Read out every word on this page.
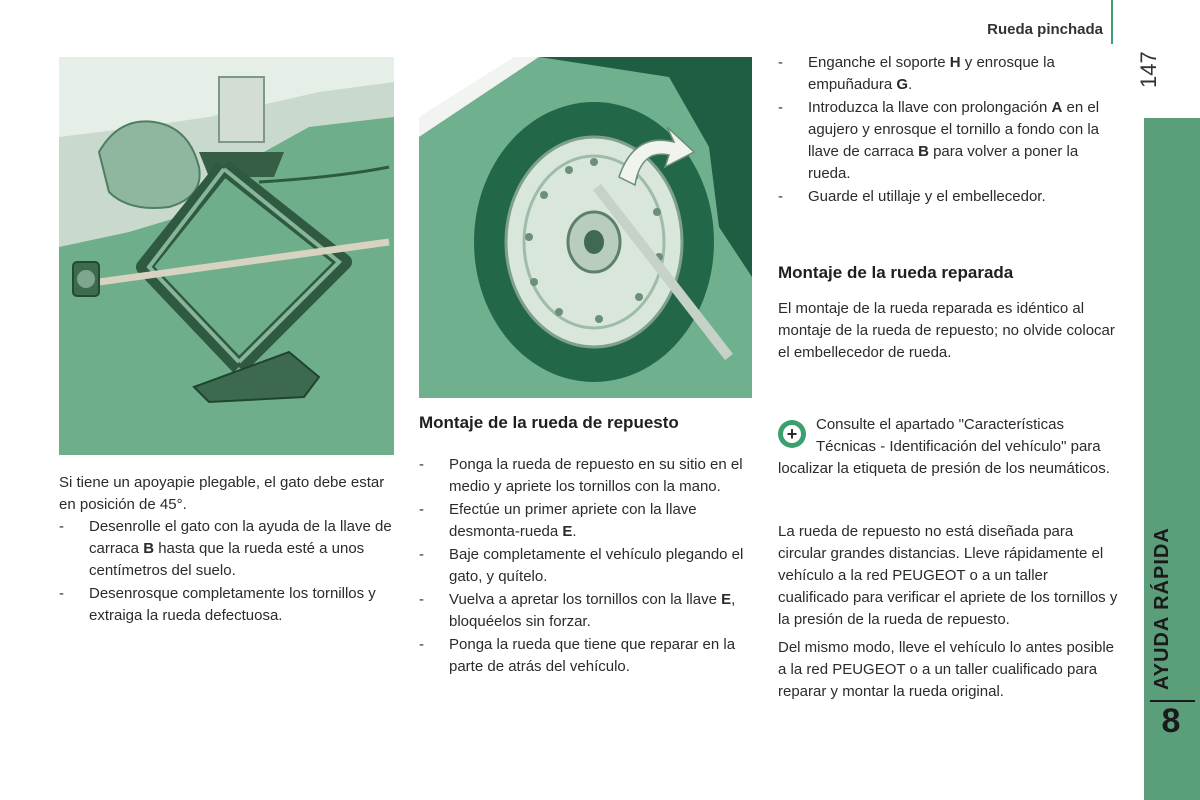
Rueda pinchada
147
AYUDA RÁPIDA
8

Si tiene un apoyapie plegable, el gato debe estar en posición de 45°.

- Desenrolle el gato con la ayuda de la llave de carraca B hasta que la rueda esté a unos centímetros del suelo.
- Desenrosque completamente los tornillos y extraiga la rueda defectuosa.
Montaje de la rueda de repuesto
- Ponga la rueda de repuesto en su sitio en el medio y apriete los tornillos con la mano.
- Efectúe un primer apriete con la llave desmonta-rueda E.
- Baje completamente el vehículo plegando el gato, y quítelo.
- Vuelva a apretar los tornillos con la llave E, bloquéelos sin forzar.
- Ponga la rueda que tiene que reparar en la parte de atrás del vehículo.
- Enganche el soporte H y enrosque la empuñadura G.
- Introduzca la llave con prolongación A en el agujero y enrosque el tornillo a fondo con la llave de carraca B para volver a poner la rueda.
- Guarde el utillaje y el embellecedor.
Montaje de la rueda reparada

El montaje de la rueda reparada es idéntico al montaje de la rueda de repuesto; no olvide colocar el embellecedor de rueda.

+	Consulte el apartado "Características Técnicas - Identificación del vehículo" para localizar la etiqueta de presión de los neumáticos.

La rueda de repuesto no está diseñada para circular grandes distancias. Lleve rápidamente el vehículo a la red PEUGEOT o a un taller cualificado para verificar el apriete de los tornillos y la presión de la rueda de repuesto.

Del mismo modo, lleve el vehículo lo antes posible a la red PEUGEOT o a un taller cualificado para reparar y montar la rueda original.
